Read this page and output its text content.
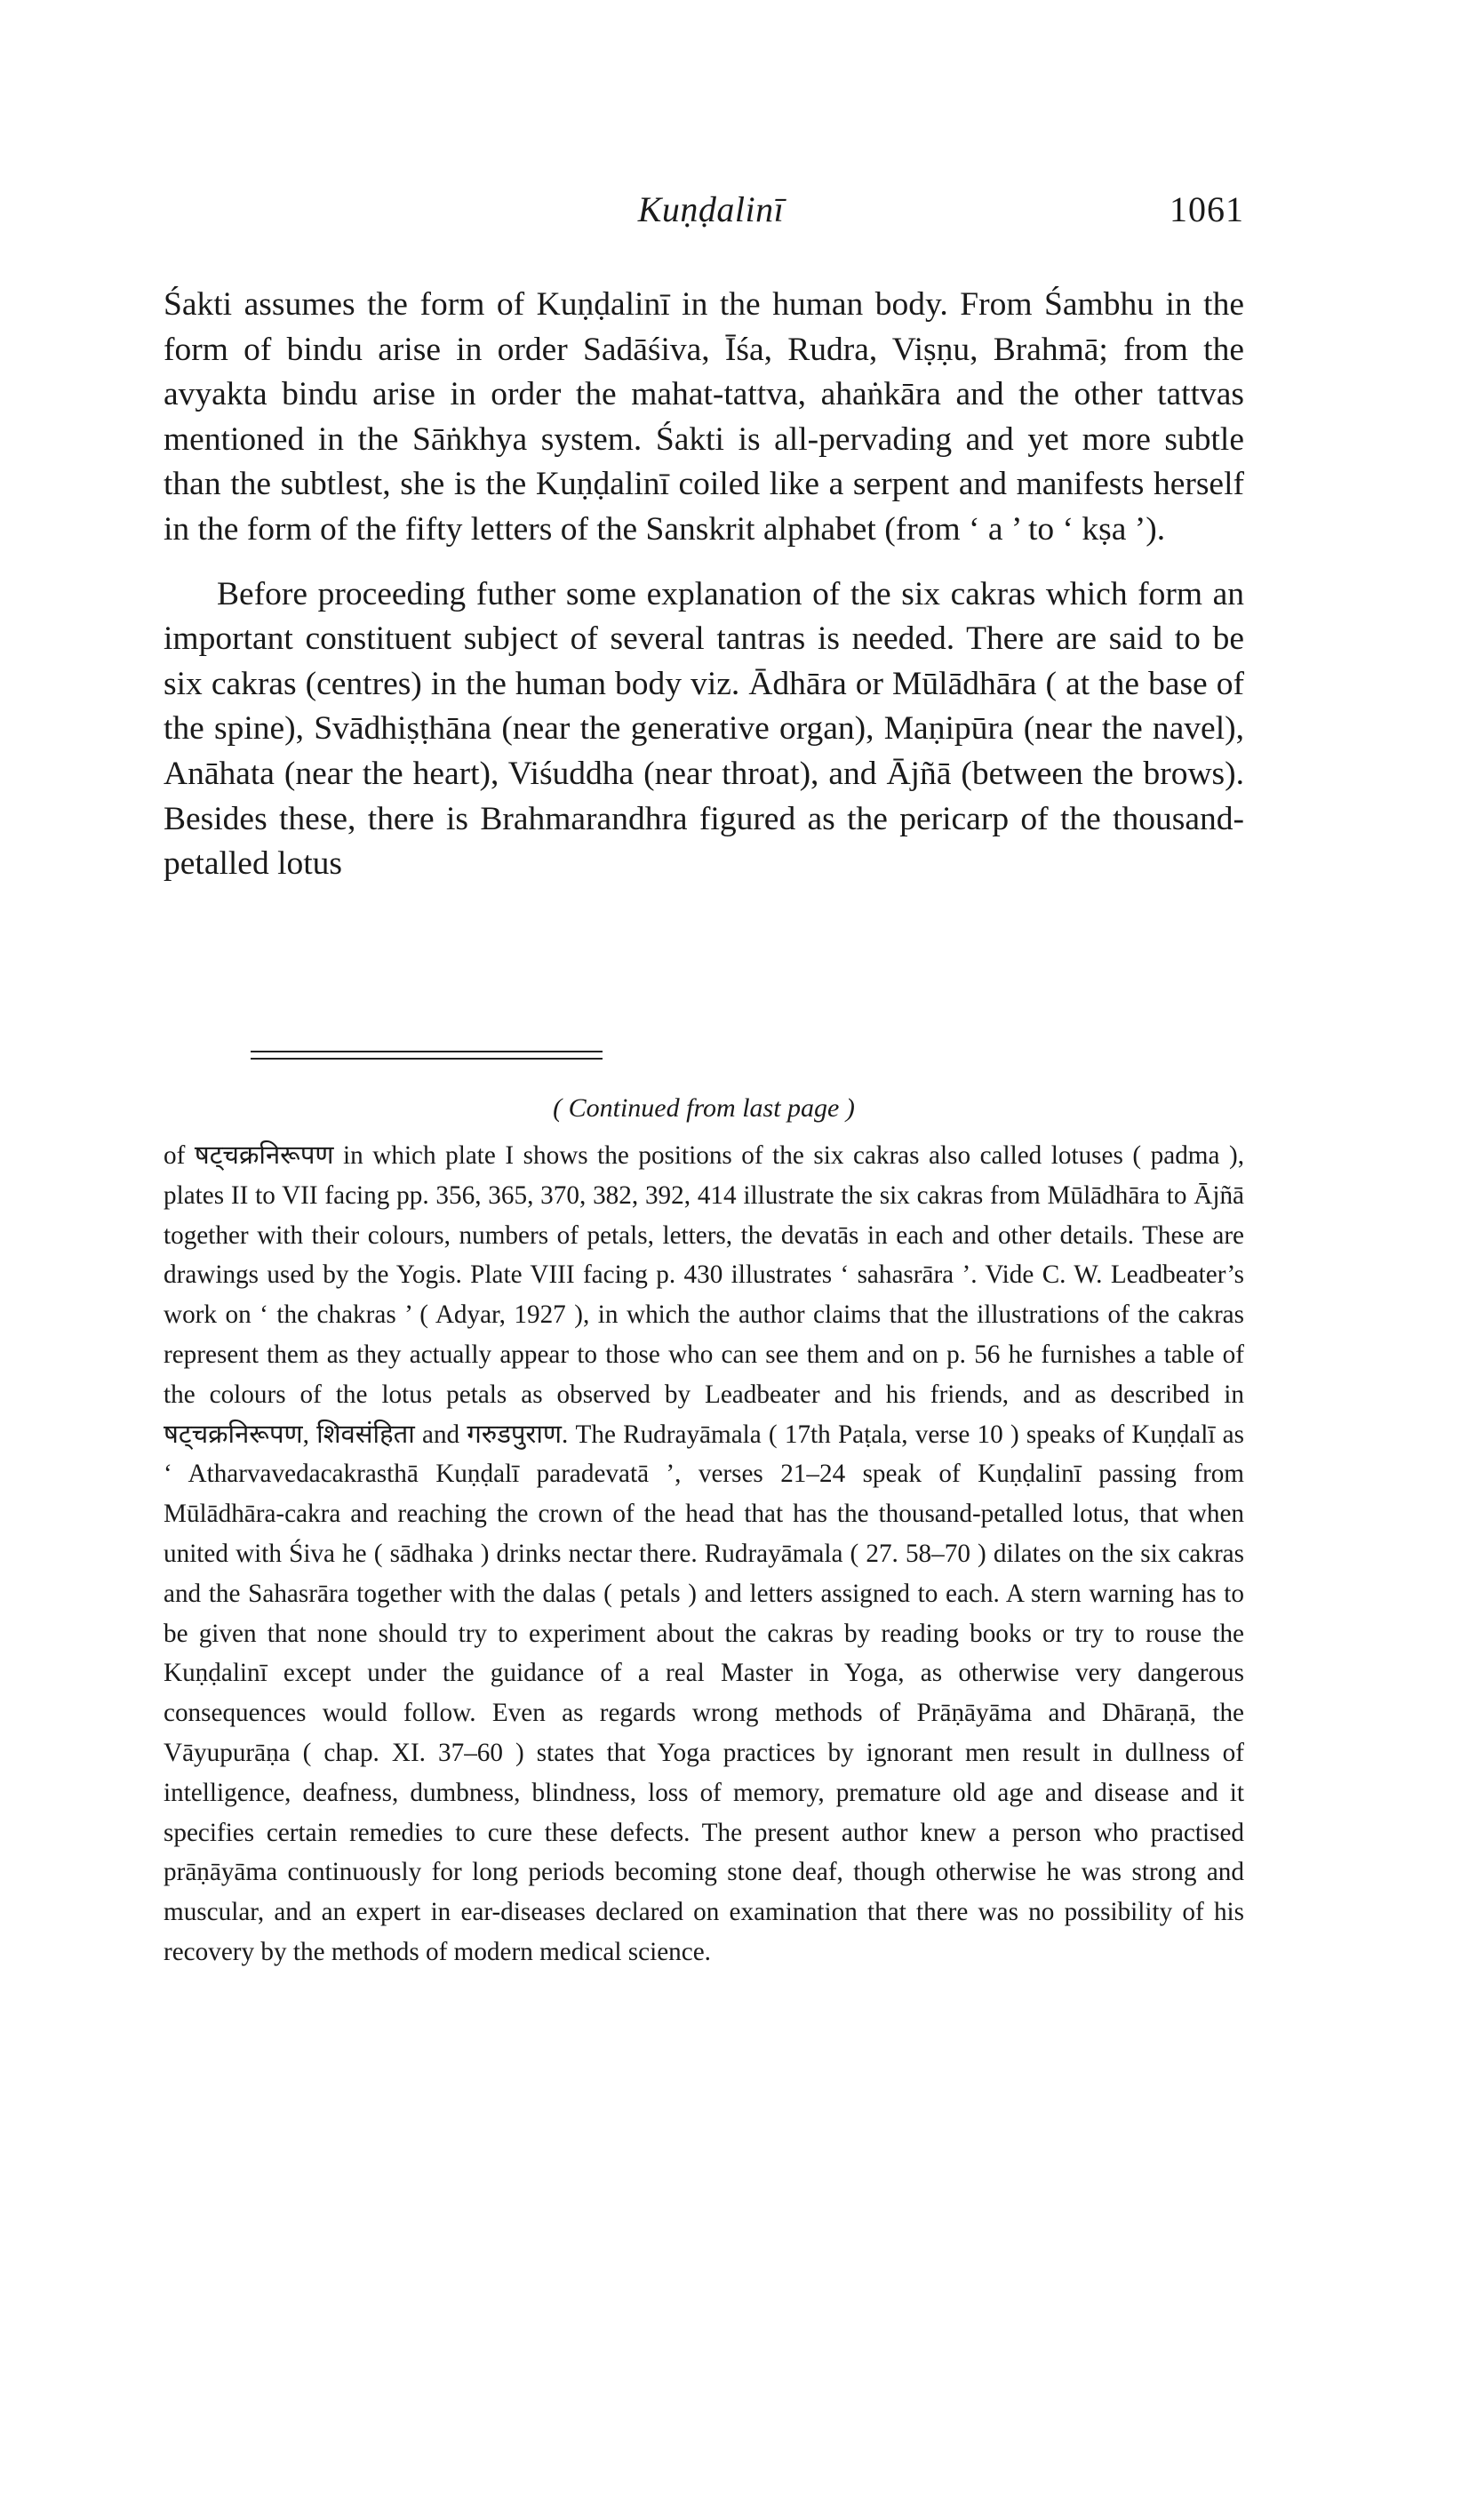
Kuṇḍalinī	1061

Śakti assumes the form of Kuṇḍalinī in the human body. From Śambhu in the form of bindu arise in order Sadāśiva, Īśa, Rudra, Viṣṇu, Brahmā; from the avyakta bindu arise in order the mahat-tattva, ahaṅkāra and the other tattvas mentioned in the Sāṅkhya system. Śakti is all-pervading and yet more subtle than the subtlest, she is the Kuṇḍalinī coiled like a serpent and manifests herself in the form of the fifty letters of the Sanskrit alphabet (from ‘ a ’ to ‘ kṣa ’).

Before proceeding futher some explanation of the six cakras which form an important constituent subject of several tantras is needed. There are said to be six cakras (centres) in the human body viz. Ādhāra or Mūlādhāra ( at the base of the spine), Svādhiṣṭhāna (near the generative organ), Maṇipūra (near the navel), Anāhata (near the heart), Viśuddha (near throat), and Ājñā (between the brows). Besides these, there is Brahmarandhra figured as the pericarp of the thousand-petalled lotus

( Continued from last page )

of षट्चक्रनिरूपण in which plate I shows the positions of the six cakras also called lotuses ( padma ), plates II to VII facing pp. 356, 365, 370, 382, 392, 414 illustrate the six cakras from Mūlādhāra to Ājñā together with their colours, numbers of petals, letters, the devatās in each and other details. These are drawings used by the Yogis. Plate VIII facing p. 430 illustrates ‘ sahasrāra ’. Vide C. W. Leadbeater’s work on ‘ the chakras ’ ( Adyar, 1927 ), in which the author claims that the illustrations of the cakras represent them as they actually appear to those who can see them and on p. 56 he furnishes a table of the colours of the lotus petals as observed by Leadbeater and his friends, and as described in षट्चक्रनिरूपण, शिवसंहिता and गरुडपुराण. The Rudrayāmala ( 17th Paṭala, verse 10 ) speaks of Kuṇḍalī as ‘ Atharvavedacakrasthā Kuṇḍalī paradevatā ’, verses 21–24 speak of Kuṇḍalinī passing from Mūlādhāra-cakra and reaching the crown of the head that has the thousand-petalled lotus, that when united with Śiva he ( sādhaka ) drinks nectar there. Rudrayāmala ( 27. 58–70 ) dilates on the six cakras and the Sahasrāra together with the dalas ( petals ) and letters assigned to each. A stern warning has to be given that none should try to experiment about the cakras by reading books or try to rouse the Kuṇḍalinī except under the guidance of a real Master in Yoga, as otherwise very dangerous consequences would follow. Even as regards wrong methods of Prāṇāyāma and Dhāraṇā, the Vāyupurāṇa ( chap. XI. 37–60 ) states that Yoga practices by ignorant men result in dullness of intelligence, deafness, dumbness, blindness, loss of memory, premature old age and disease and it specifies certain remedies to cure these defects. The present author knew a person who practised prāṇāyāma continuously for long periods becoming stone deaf, though otherwise he was strong and muscular, and an expert in ear-diseases declared on examination that there was no possibility of his recovery by the methods of modern medical science.
